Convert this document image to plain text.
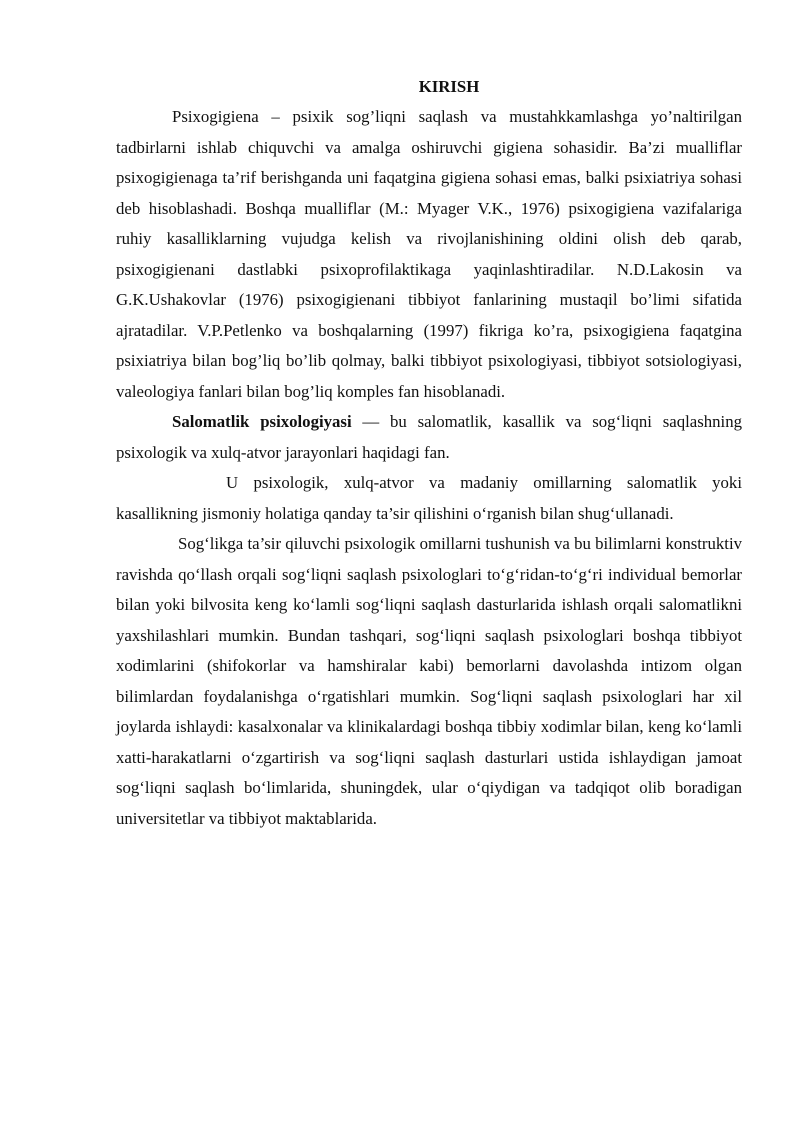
KIRISH

Psixogigiena – psixik sog’liqni saqlash va mustahkkamlashga yo’naltirilgan tadbirlarni ishlab chiquvchi va amalga oshiruvchi gigiena sohasidir. Ba’zi mualliflar psixogigienaga ta’rif berishganda uni faqatgina gigiena sohasi emas, balki psixiatriya sohasi deb hisoblashadi. Boshqa mualliflar (M.: Myager V.K., 1976) psixogigiena vazifalariga ruhiy kasalliklarning vujudga kelish va rivojlanishining oldini olish deb qarab, psixogigienani dastlabki psixoprofilaktikaga yaqinlashtiradilar. N.D.Lakosin va G.K.Ushakovlar (1976) psixogigienani tibbiyot fanlarining mustaqil bo’limi sifatida ajratadilar. V.P.Petlenko va boshqalarning (1997) fikriga ko’ra, psixogigiena faqatgina psixiatriya bilan bog’liq bo’lib qolmay, balki tibbiyot psixologiyasi, tibbiyot sotsiologiyasi, valeologiya fanlari bilan bog’liq komples fan hisoblanadi.

Salomatlik psixologiyasi — bu salomatlik, kasallik va sog‘liqni saqlashning psixologik va xulq-atvor jarayonlari haqidagi fan.

U psixologik, xulq-atvor va madaniy omillarning salomatlik yoki kasallikning jismoniy holatiga qanday ta’sir qilishini o‘rganish bilan shug‘ullanadi.

Sog‘likga ta’sir qiluvchi psixologik omillarni tushunish va bu bilimlarni konstruktiv ravishda qo‘llash orqali sog‘liqni saqlash psixologlari to‘g‘ridan-to‘g‘ri individual bemorlar bilan yoki bilvosita keng ko‘lamli sog‘liqni saqlash dasturlarida ishlash orqali salomatlikni yaxshilashlari mumkin. Bundan tashqari, sog‘liqni saqlash psixologlari boshqa tibbiyot xodimlarini (shifokorlar va hamshiralar kabi) bemorlarni davolashda intizom olgan bilimlardan foydalanishga o‘rgatishlari mumkin. Sog‘liqni saqlash psixologlari har xil joylarda ishlaydi: kasalxonalar va klinikalardagi boshqa tibbiy xodimlar bilan, keng ko‘lamli xatti-harakatlarni o‘zgartirish va sog‘liqni saqlash dasturlari ustida ishlaydigan jamoat sog‘liqni saqlash bo‘limlarida, shuningdek, ular o‘qiydigan va tadqiqot olib boradigan universitetlar va tibbiyot maktablarida.
